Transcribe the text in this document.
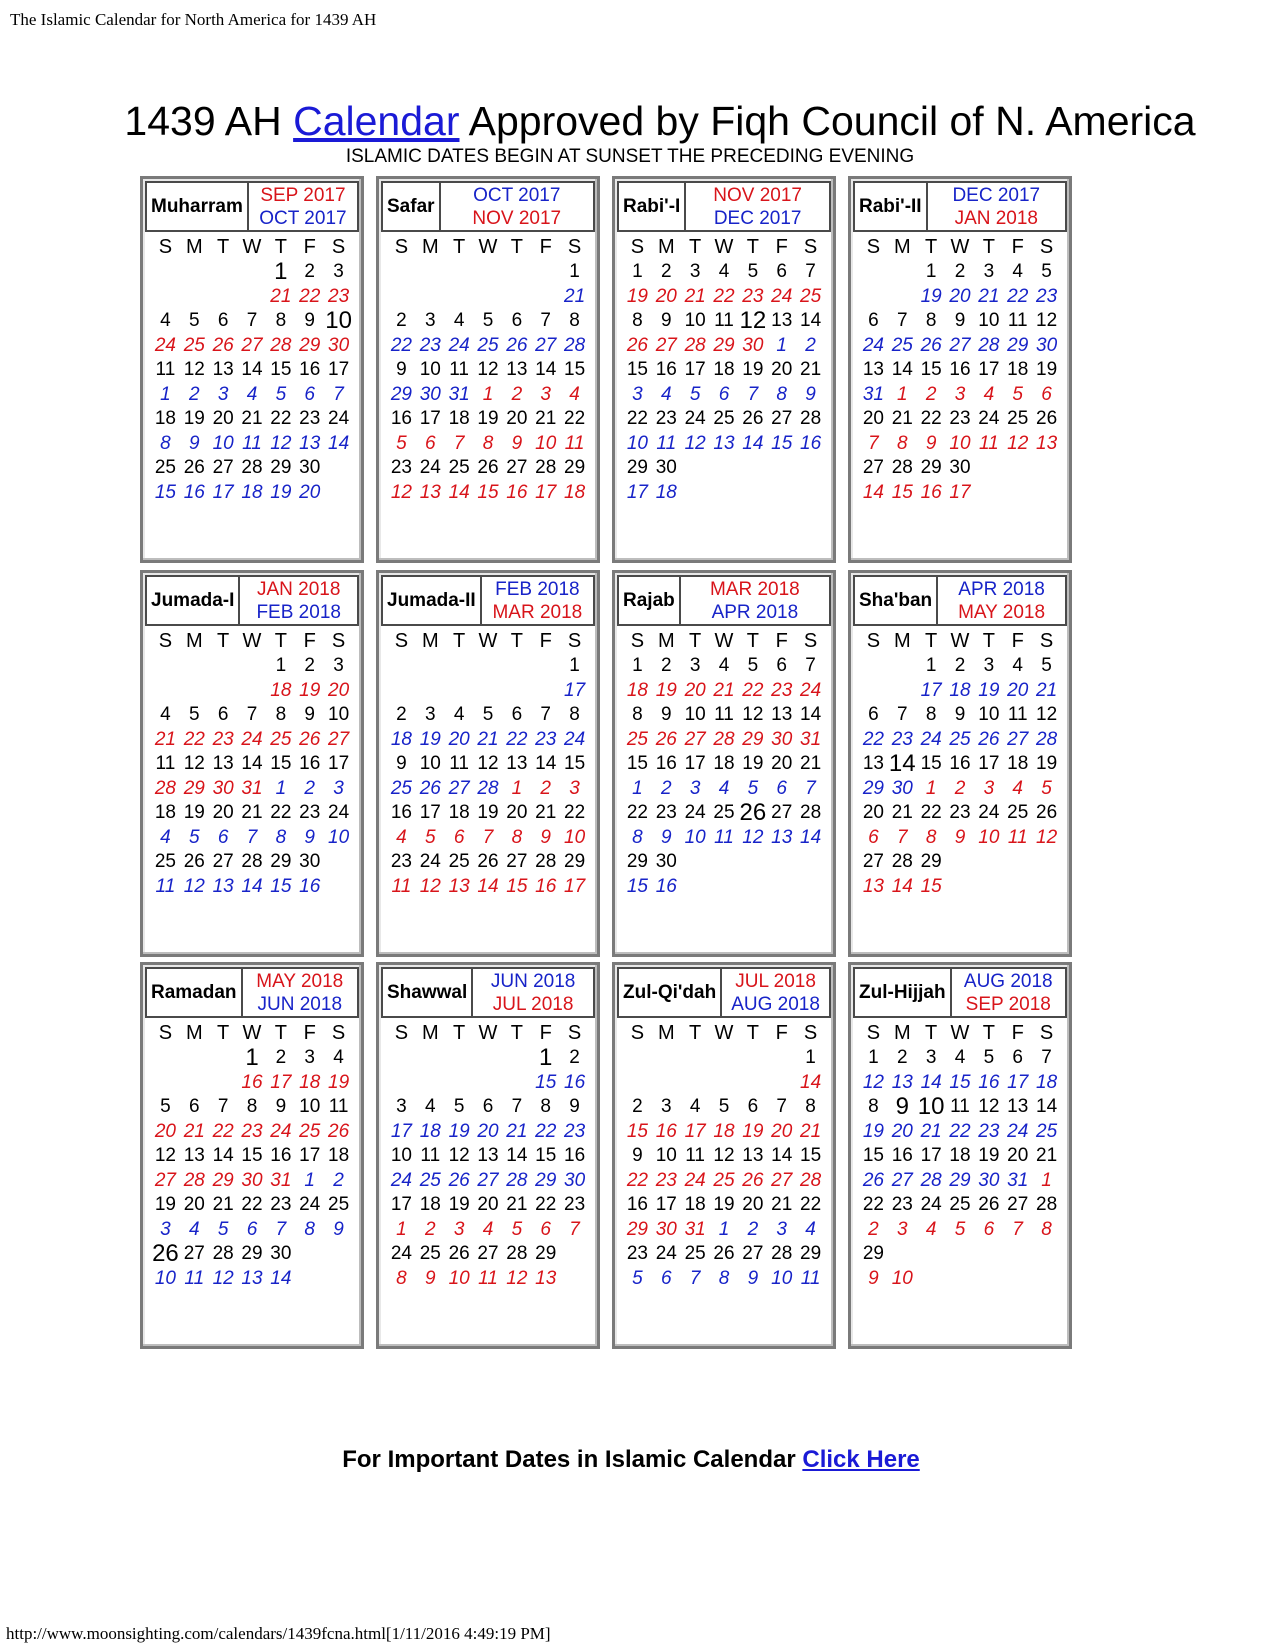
The Islamic Calendar for North America for 1439 AH
1439 AH Calendar Approved by Fiqh Council of N. America
ISLAMIC DATES BEGIN AT SUNSET THE PRECEDING EVENING
Muharram
SEP 2017
OCT 2017
S M T W T F S
1 2 3
21 22 23
4 5 6 7 8 9 10
24 25 26 27 28 29 30
11 12 13 14 15 16 17
1 2 3 4 5 6 7
18 19 20 21 22 23 24
8 9 10 11 12 13 14
25 26 27 28 29 30
15 16 17 18 19 20
Safar
OCT 2017
NOV 2017
S M T W T F S
1
21
2 3 4 5 6 7 8
22 23 24 25 26 27 28
9 10 11 12 13 14 15
29 30 31 1 2 3 4
16 17 18 19 20 21 22
5 6 7 8 9 10 11
23 24 25 26 27 28 29
12 13 14 15 16 17 18
Rabi'-I
NOV 2017
DEC 2017
S M T W T F S
1 2 3 4 5 6 7
19 20 21 22 23 24 25
8 9 10 11 12 13 14
26 27 28 29 30 1 2
15 16 17 18 19 20 21
3 4 5 6 7 8 9
22 23 24 25 26 27 28
10 11 12 13 14 15 16
29 30
17 18
Rabi'-II
DEC 2017
JAN 2018
S M T W T F S
1 2 3 4 5
19 20 21 22 23
6 7 8 9 10 11 12
24 25 26 27 28 29 30
13 14 15 16 17 18 19
31 1 2 3 4 5 6
20 21 22 23 24 25 26
7 8 9 10 11 12 13
27 28 29 30
14 15 16 17
Jumada-I
JAN 2018
FEB 2018
S M T W T F S
1 2 3
18 19 20
4 5 6 7 8 9 10
21 22 23 24 25 26 27
11 12 13 14 15 16 17
28 29 30 31 1 2 3
18 19 20 21 22 23 24
4 5 6 7 8 9 10
25 26 27 28 29 30
11 12 13 14 15 16
Jumada-II
FEB 2018
MAR 2018
S M T W T F S
1
17
2 3 4 5 6 7 8
18 19 20 21 22 23 24
9 10 11 12 13 14 15
25 26 27 28 1 2 3
16 17 18 19 20 21 22
4 5 6 7 8 9 10
23 24 25 26 27 28 29
11 12 13 14 15 16 17
Rajab
MAR 2018
APR 2018
S M T W T F S
1 2 3 4 5 6 7
18 19 20 21 22 23 24
8 9 10 11 12 13 14
25 26 27 28 29 30 31
15 16 17 18 19 20 21
1 2 3 4 5 6 7
22 23 24 25 26 27 28
8 9 10 11 12 13 14
29 30
15 16
Sha'ban
APR 2018
MAY 2018
S M T W T F S
1 2 3 4 5
17 18 19 20 21
6 7 8 9 10 11 12
22 23 24 25 26 27 28
13 14 15 16 17 18 19
29 30 1 2 3 4 5
20 21 22 23 24 25 26
6 7 8 9 10 11 12
27 28 29
13 14 15
Ramadan
MAY 2018
JUN 2018
S M T W T F S
1 2 3 4
16 17 18 19
5 6 7 8 9 10 11
20 21 22 23 24 25 26
12 13 14 15 16 17 18
27 28 29 30 31 1 2
19 20 21 22 23 24 25
3 4 5 6 7 8 9
26 27 28 29 30
10 11 12 13 14
Shawwal
JUN 2018
JUL 2018
S M T W T F S
1 2
15 16
3 4 5 6 7 8 9
17 18 19 20 21 22 23
10 11 12 13 14 15 16
24 25 26 27 28 29 30
17 18 19 20 21 22 23
1 2 3 4 5 6 7
24 25 26 27 28 29
8 9 10 11 12 13
Zul-Qi'dah
JUL 2018
AUG 2018
S M T W T F S
1
14
2 3 4 5 6 7 8
15 16 17 18 19 20 21
9 10 11 12 13 14 15
22 23 24 25 26 27 28
16 17 18 19 20 21 22
29 30 31 1 2 3 4
23 24 25 26 27 28 29
5 6 7 8 9 10 11
Zul-Hijjah
AUG 2018
SEP 2018
S M T W T F S
1 2 3 4 5 6 7
12 13 14 15 16 17 18
8 9 10 11 12 13 14
19 20 21 22 23 24 25
15 16 17 18 19 20 21
26 27 28 29 30 31 1
22 23 24 25 26 27 28
2 3 4 5 6 7 8
29
9 10
For Important Dates in Islamic Calendar Click Here
http://www.moonsighting.com/calendars/1439fcna.html[1/11/2016 4:49:19 PM]
